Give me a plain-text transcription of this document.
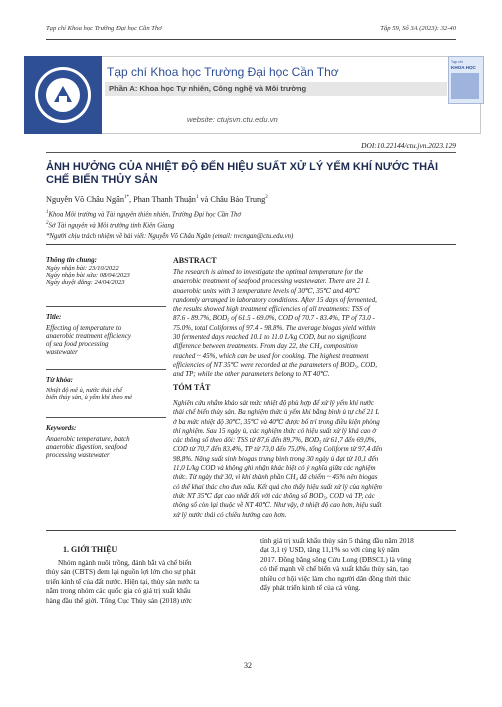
Tạp chí Khoa học Trường Đại học Cần Thơ	Tập 59, Số 3A (2023): 32-40
Tạp chí Khoa học Trường Đại học Cần Thơ
Phần A: Khoa học Tự nhiên, Công nghệ và Môi trường
website: ctujsvn.ctu.edu.vn
Tạp chí
KHOA HỌC
DOI:10.22144/ctu.jvn.2023.129
ẢNH HƯỞNG CỦA NHIỆT ĐỘ ĐẾN HIỆU SUẤT XỬ LÝ YẾM KHÍ NƯỚC THẢI
CHẾ BIẾN THỦY SẢN
Nguyễn Võ Châu Ngân$^{1*}$, Phan Thanh Thuận$^1$ và Châu Bảo Trung$^2$
$^1$Khoa Môi trường và Tài nguyên thiên nhiên, Trường Đại học Cần Thơ
$^2$Sở Tài nguyên và Môi trường tỉnh Kiên Giang
*Người chịu trách nhiệm về bài viết: Nguyễn Võ Châu Ngân (email: nvcngan@ctu.edu.vn)
Thông tin chung:
Ngày nhận bài: 23/10/2022
Ngày nhận bài sửa: 08/04/2023
Ngày duyệt đăng: 24/04/2023
Title:
Effecting of temperature to
anaerobic treatment efficiency
of sea food processing
wastewater
Từ khóa:
Nhiệt độ mê ủ, nước thải chế
biến thủy sản, ủ yếm khí theo mẻ
Keywords:
Anaerobic temperature, batch
anaerobic digestion, seafood
processing wastewater
ABSTRACT
The research is aimed to investigate the optimal temperature for the
anaerobic treatment of seafood processing wastewater. There are 21 L
anaerobic units with 3 temperature levels of 30℃, 35℃ and 40℃
randomly arranged in laboratory conditions. After 15 days of fermented,
the results showed high treatment efficiencies of all treatments: TSS of
87.6 - 89.7%, BOD₅ of 61.5 - 69.0%, COD of 70.7 - 83.4%, TP of 73.0 -
75.0%, total Coliforms of 97.4 - 98.8%. The average biogas yield within
30 fermented days reached 10.1 to 11.0 L/kg COD, but no significant
difference between treatments. From day 22, the CH₄ composition
reached ~ 45%, which can be used for cooking. The highest treatment
efficiencies of NT 35℃ were recorded at the parameters of BOD₅, COD,
and TP; while the other parameters belong to NT 40℃.
TÓM TẮT
Nghiên cứu nhằm khảo sát mức nhiệt độ phù hợp để xử lý yếm khí nước
thải chế biến thủy sản. Ba nghiệm thức ủ yếm khí bằng bình ủ tự chế 21 L
ở ba mức nhiệt độ 30℃, 35℃ và 40℃ được bố trí trong điều kiện phòng
thí nghiệm. Sau 15 ngày ủ, các nghiệm thức có hiệu suất xử lý khá cao ở
các thông số theo dõi: TSS từ 87,6 đến 89,7%, BOD₅ từ 61,7 đến 69,0%,
COD từ 70,7 đến 83,4%, TP từ 73,0 đến 75,0%, tổng Coliform từ 97,4 đến
98,8%. Năng suất sinh biogas trung bình trong 30 ngày ủ đạt từ 10,1 đến
11,0 L/kg COD và không ghi nhận khác biệt có ý nghĩa giữa các nghiệm
thức. Từ ngày thứ 30, vì khí thành phần CH₄ đã chiếm ~ 45% nên biogas
có thể khai thác cho đun nấu. Kết quả cho thấy hiệu suất xử lý của nghiệm
thức NT 35℃ đạt cao nhất đối với các thông số BOD₅, COD và TP, các
thông số còn lại thuộc về NT 40℃. Như vậy, ở nhiệt độ cao hơn, hiệu suất
xử lý nước thải có chiều hướng cao hơn.
1. GIỚI THIỆU
Nhóm ngành nuôi trồng, đánh bắt và chế biến
thủy sản (CBTS) đem lại nguồn lợi lớn cho sự phát
triển kinh tế của đất nước. Hiện tại, thủy sản nước ta
nằm trong nhóm các quốc gia có giá trị xuất khẩu
hàng đầu thế giới. Tổng Cục Thủy sản (2018) ước
tính giá trị xuất khẩu thủy sản 5 tháng đầu năm 2018
đạt 3,1 tỷ USD, tăng 11,1% so với cùng kỳ năm
2017. Đồng bằng sông Cửu Long (ĐBSCL) là vùng
có thế mạnh về chế biến và xuất khẩu thủy sản, tạo
nhiều cơ hội việc làm cho người dân đồng thời thúc
đẩy phát triển kinh tế của cả vùng.
32
